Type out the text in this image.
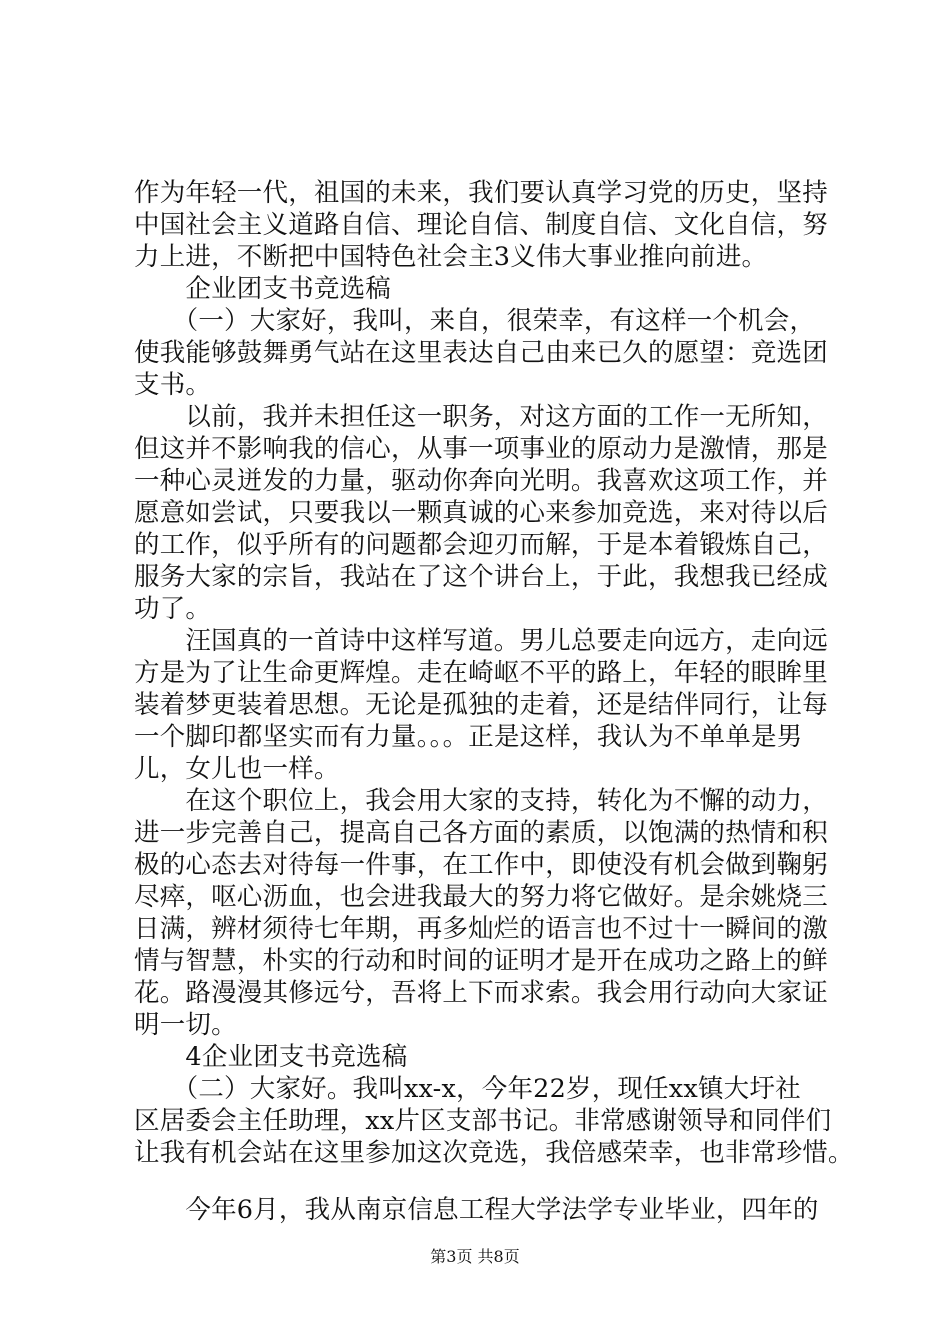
作为年轻一代，祖国的未来，我们要认真学习党的历史，坚持
中国社会主义道路自信、理论自信、制度自信、文化自信，努
力上进，不断把中国特色社会主3义伟大事业推向前进。
　　企业团支书竞选稿
　　（一）大家好，我叫，来自，很荣幸，有这样一个机会，
使我能够鼓舞勇气站在这里表达自己由来已久的愿望：竞选团
支书。
　　以前，我并未担任这一职务，对这方面的工作一无所知，
但这并不影响我的信心，从事一项事业的原动力是激情，那是
一种心灵迸发的力量，驱动你奔向光明。我喜欢这项工作，并
愿意如尝试，只要我以一颗真诚的心来参加竞选，来对待以后
的工作，似乎所有的问题都会迎刃而解，于是本着锻炼自己，
服务大家的宗旨，我站在了这个讲台上，于此，我想我已经成
功了。
　　汪国真的一首诗中这样写道。男儿总要走向远方，走向远
方是为了让生命更辉煌。走在崎岖不平的路上，年轻的眼眸里
装着梦更装着思想。无论是孤独的走着，还是结伴同行，让每
一个脚印都坚实而有力量。。。正是这样，我认为不单单是男
儿，女儿也一样。
　　在这个职位上，我会用大家的支持，转化为不懈的动力，
进一步完善自己，提高自己各方面的素质，以饱满的热情和积
极的心态去对待每一件事，在工作中，即使没有机会做到鞠躬
尽瘁，呕心沥血，也会进我最大的努力将它做好。是余姚烧三
日满，辨材须待七年期，再多灿烂的语言也不过十一瞬间的激
情与智慧，朴实的行动和时间的证明才是开在成功之路上的鲜
花。路漫漫其修远兮，吾将上下而求索。我会用行动向大家证
明一切。
　　4企业团支书竞选稿
　　（二）大家好。我叫xx-x，今年22岁，现任xx镇大圩社
区居委会主任助理，xx片区支部书记。非常感谢领导和同伴们
让我有机会站在这里参加这次竞选，我倍感荣幸，也非常珍惜。
　　今年6月，我从南京信息工程大学法学专业毕业，四年的
第3页 共8页
